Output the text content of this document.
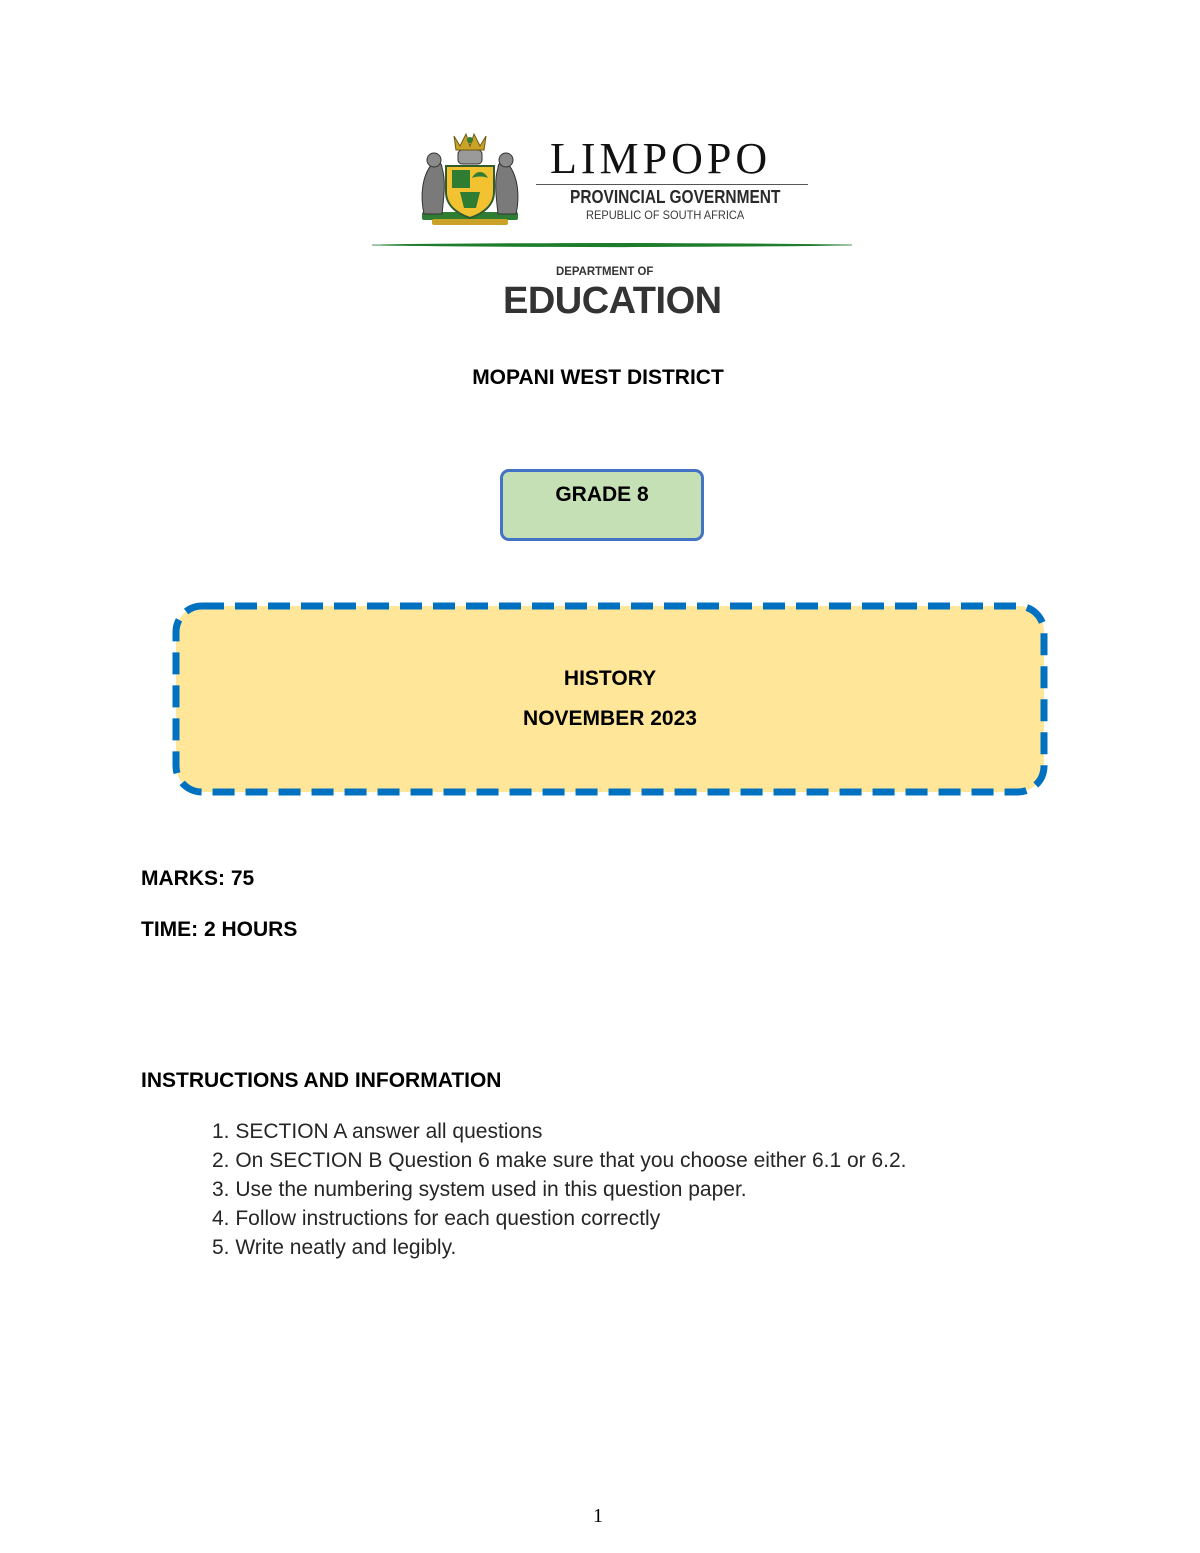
LIMPOPO
PROVINCIAL GOVERNMENT
REPUBLIC OF SOUTH AFRICA
DEPARTMENT OF
EDUCATION
MOPANI WEST DISTRICT
GRADE 8
HISTORY
NOVEMBER 2023
MARKS: 75
TIME: 2 HOURS
INSTRUCTIONS AND INFORMATION
1. SECTION A answer all questions
2. On SECTION B Question 6 make sure that you choose either 6.1 or 6.2.
3. Use the numbering system used in this question paper.
4. Follow instructions for each question correctly
5. Write neatly and legibly.
1
